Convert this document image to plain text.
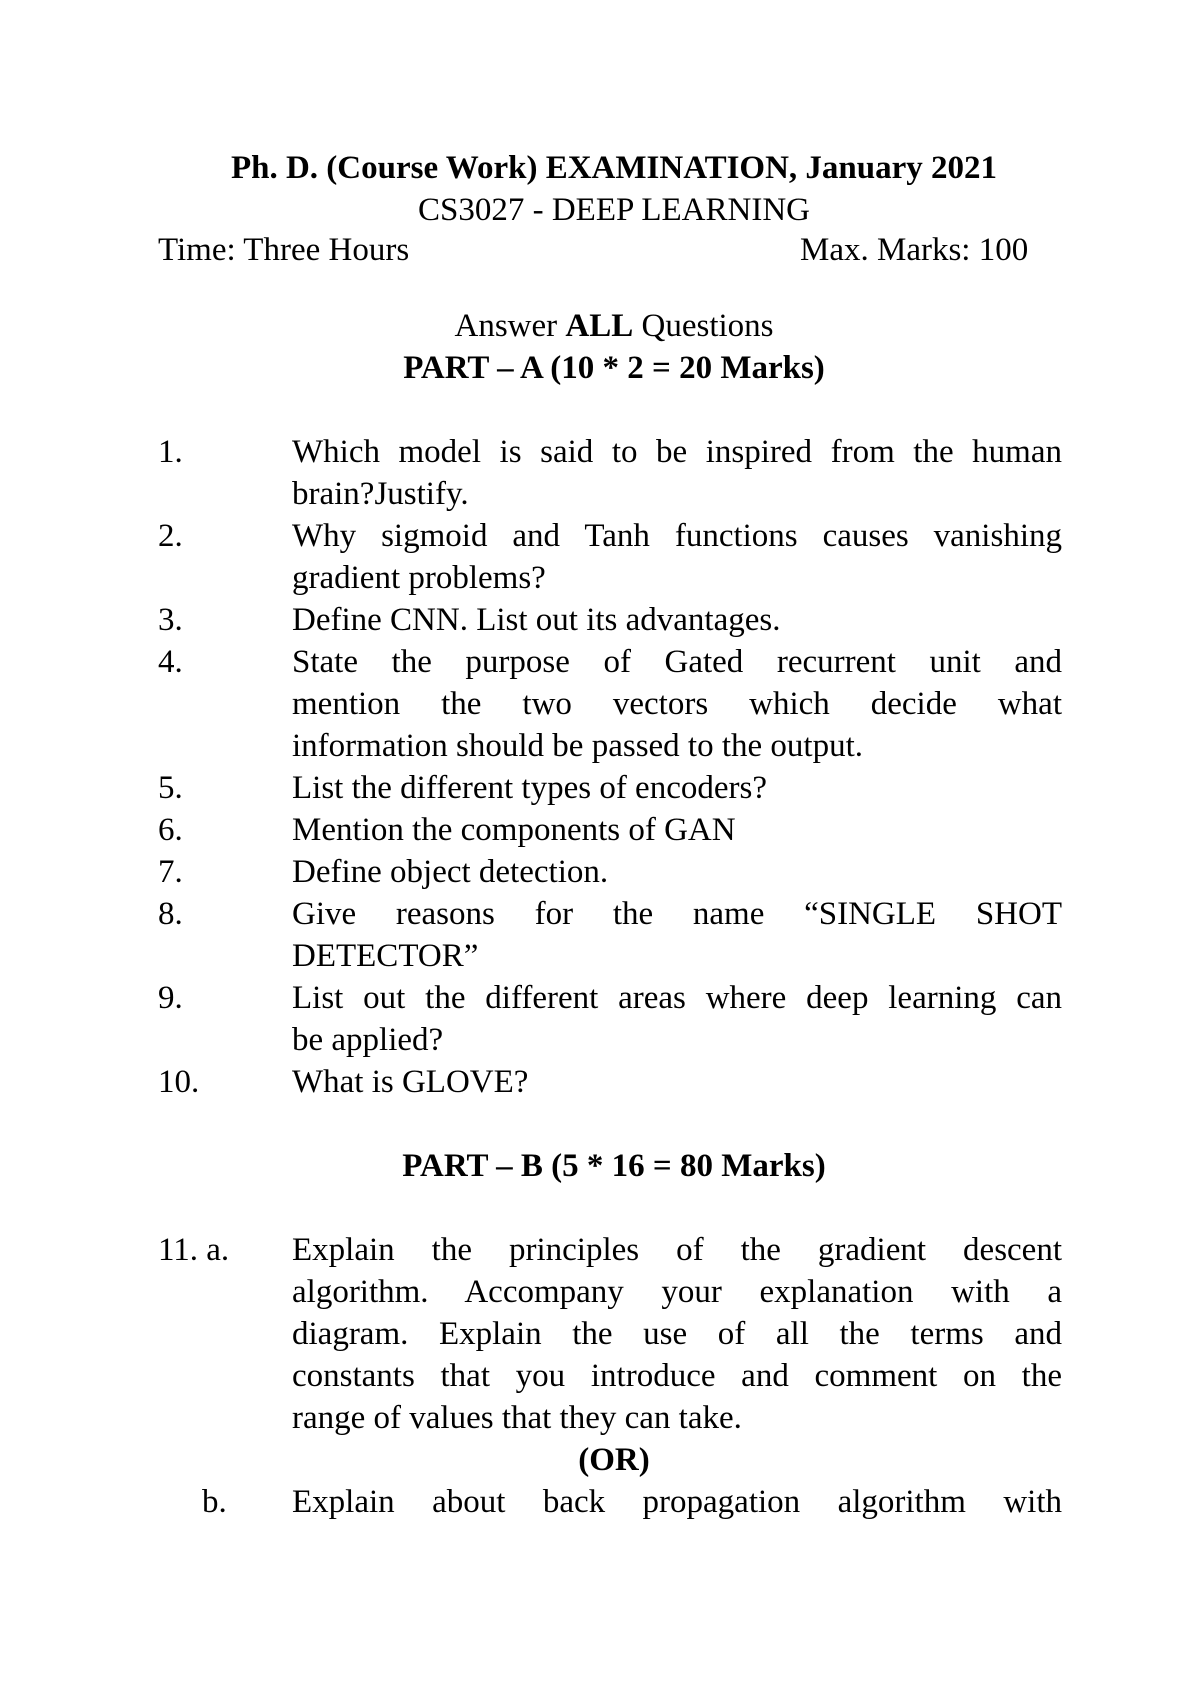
Ph. D. (Course Work) EXAMINATION, January 2021
CS3027 - DEEP LEARNING
Time: Three Hours	Max. Marks: 100
Answer ALL Questions
PART – A (10 * 2 = 20 Marks)
1.	Which model is said to be inspired from the human
brain?Justify.
2.	Why sigmoid and Tanh functions causes vanishing
gradient problems?
3.	Define CNN. List out its advantages.
4.	State the purpose of Gated recurrent unit and
mention the two vectors which decide what
information should be passed to the output.
5.	List the different types of encoders?
6.	Mention the components of GAN
7.	Define object detection.
8.	Give reasons for the name “SINGLE SHOT
DETECTOR”
9.	List out the different areas where deep learning can
be applied?
10.	What is GLOVE?
PART – B (5 * 16 = 80 Marks)
11. a. Explain the principles of the gradient descent
algorithm. Accompany your explanation with a
diagram. Explain the use of all the terms and
constants that you introduce and comment on the
range of values that they can take.
(OR)
b. Explain about back propagation algorithm with
